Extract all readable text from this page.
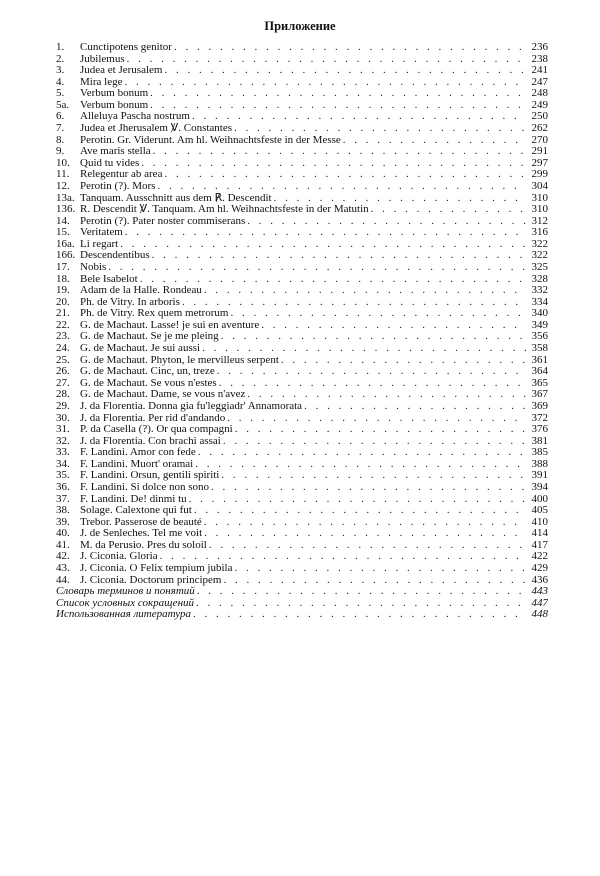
Приложение
1.	Cunctipotens genitor . . .	236
2.	Jubilemus . . .	238
3.	Judea et Jerusalem . . .	241
4.	Mira lege . . .	247
5.	Verbum bonum . . .	248
5a. Verbum bonum . . .	249
6.	Alleluya Pascha nostrum . . .	250
7.	Judea et Jherusalem ℣. Constantes . . .	262
8.	Perotin. Gr. Viderunt. Am hl. Weihnachtsfeste in der Messe . . .	270
9.	Ave maris stella . . .	291
10. Quid tu vides . . .	297
11. Relegentur ab area . . .	299
12. Perotin (?). Mors . . .	304
13a. Tanquam. Ausschnitt aus dem ℟. Descendit . . .	310
136. R. Descendit ℣. Tanquam. Am hl. Weihnachtsfeste in der Matutin . . .	310
14. Perotin (?). Pater noster commiserans . . .	312
15. Veritatem . . .	316
16a. Li regart . . .	322
166. Descendentibus . . .	322
17. Nobis . . .	325
18. Bele Isabelot . . .	328
19. Adam de la Halle. Rondeau . . .	332
20. Ph. de Vitry. In arboris . . .	334
21. Ph. de Vitry. Rex quem metrorum . . .	340
22. G. de Machaut. Lasse! je sui en aventure . . .	349
23. G. de Machaut. Se je me pleing . . .	356
24. G. de Machaut. Je sui aussi . . .	358
25. G. de Machaut. Phyton, le mervilleus serpent . . .	361
26. G. de Machaut. Cinc, un, treze . . .	364
27. G. de Machaut. Se vous n'estes . . .	365
28. G. de Machaut. Dame, se vous n'avez . . .	367
29. J. da Florentia. Donna gia fu'leggiadr' Annamorata . . .	369
30. J. da Florentia. Per rid d'andando . . .	372
31. P. da Casella (?). Or qua compagni . . .	376
32. J. da Florentia. Con brachi assai . . .	381
33. F. Landini. Amor con fede . . .	385
34. F. Landini. Muort' oramai . . .	388
35. F. Landini. Orsun, gentili spiriti . . .	391
36. F. Landini. Si dolce non sono . . .	394
37. F. Landini. De! dinmi tu . . .	400
38. Solage. Calextone qui fut . . .	405
39. Trebor. Passerose de beauté . . .	410
40. J. de Senleches. Tel me voit . . .	414
41. M. da Perusio. Pres du soloil . . .	417
42. J. Ciconia. Gloria . . .	422
43. J. Ciconia. O Felix tempium jubila . . .	429
44. J. Ciconia. Doctorum principem . . .	436
Словарь терминов и понятий . . .	443
Список условных сокращений . . .	447
Использованная литература . . .	448
